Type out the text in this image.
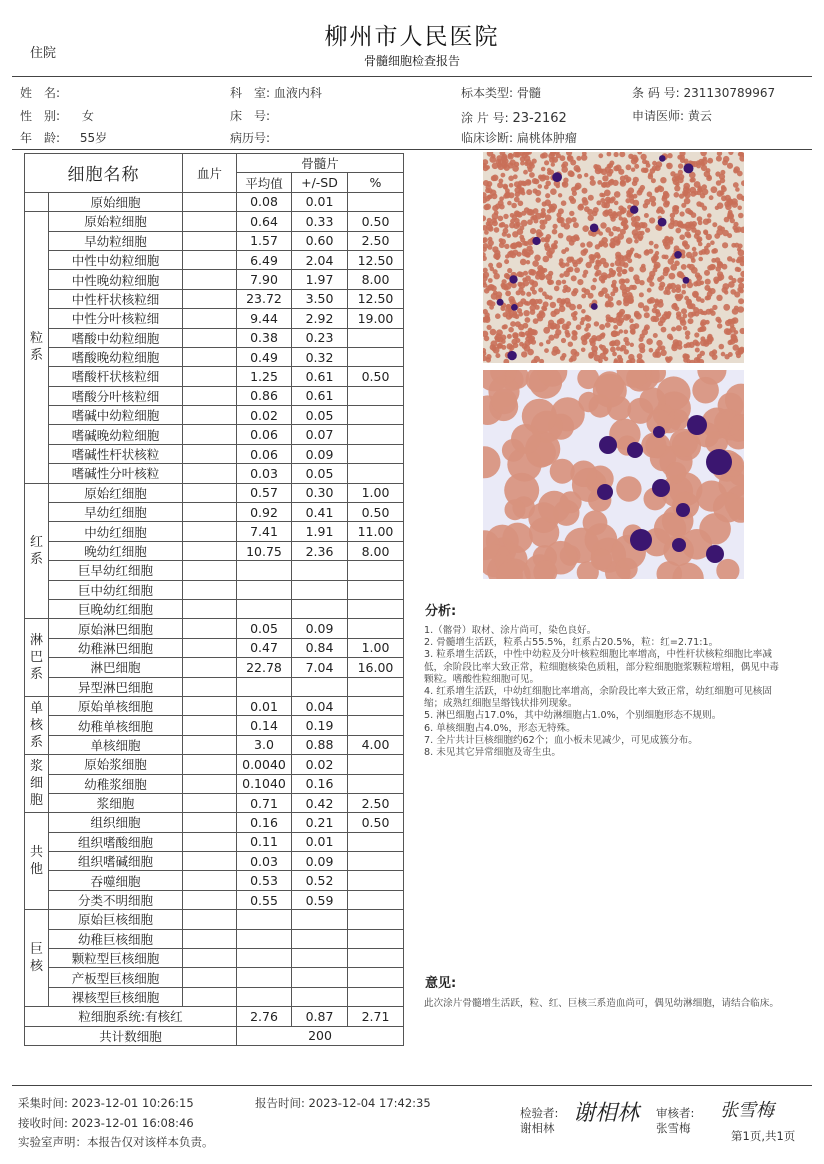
柳州市人民医院
骨髓细胞检查报告
住院
姓　名:
性　别: 女
年　龄: 55岁
科　室: 血液内科
床　号:
病历号:
标本类型: 骨髓
涂 片 号: 23-2162
临床诊断: 扁桃体肿瘤
条 码 号: 231130789967
申请医师: 黄云
细胞名称		血片	骨髓片		
			平均值	+/-SD	%
	原始细胞		0.08	0.01	
粒系	原始粒细胞		0.64	0.33	0.50
	早幼粒细胞		1.57	0.60	2.50
	中性中幼粒细胞		6.49	2.04	12.50
	中性晚幼粒细胞		7.90	1.97	8.00
	中性杆状核粒细		23.72	3.50	12.50
	中性分叶核粒细		9.44	2.92	19.00
	嗜酸中幼粒细胞		0.38	0.23	
	嗜酸晚幼粒细胞		0.49	0.32	
	嗜酸杆状核粒细		1.25	0.61	0.50
	嗜酸分叶核粒细		0.86	0.61	
	嗜碱中幼粒细胞		0.02	0.05	
	嗜碱晚幼粒细胞		0.06	0.07	
	嗜碱性杆状核粒		0.06	0.09	
	嗜碱性分叶核粒		0.03	0.05	
红系	原始红细胞		0.57	0.30	1.00
	早幼红细胞		0.92	0.41	0.50
	中幼红细胞		7.41	1.91	11.00
	晚幼红细胞		10.75	2.36	8.00
	巨早幼红细胞				
	巨中幼红细胞				
	巨晚幼红细胞				
淋巴系	原始淋巴细胞		0.05	0.09	
	幼稚淋巴细胞		0.47	0.84	1.00
	淋巴细胞		22.78	7.04	16.00
	异型淋巴细胞				
单核系	原始单核细胞		0.01	0.04	
	幼稚单核细胞		0.14	0.19	
	单核细胞		3.0	0.88	4.00
浆细胞	原始浆细胞		0.0040	0.02	
	幼稚浆细胞		0.1040	0.16	
	浆细胞		0.71	0.42	2.50
共他	组织细胞		0.16	0.21	0.50
	组织嗜酸细胞		0.11	0.01	
	组织嗜碱细胞		0.03	0.09	
	吞噬细胞		0.53	0.52	
	分类不明细胞		0.55	0.59	
巨核	原始巨核细胞				
	幼稚巨核细胞				
	颗粒型巨核细胞				
	产板型巨核细胞				
	裸核型巨核细胞				
粒细胞系统:有核红			2.76	0.87	2.71
共计数细胞			200		
分析:
1.（髂骨）取材、涂片尚可，染色良好。
2. 骨髓增生活跃，粒系占55.5%，红系占20.5%，粒：红=2.71:1。
3. 粒系增生活跃，中性中幼粒及分叶核粒细胞比率增高，中性杆状核粒细胞比率减低，余阶段比率大致正常，粒细胞核染色质粗，部分粒细胞胞浆颗粒增粗，偶见中毒颗粒。嗜酸性粒细胞可见。
4. 红系增生活跃，中幼红细胞比率增高，余阶段比率大致正常，幼红细胞可见核固缩；成熟红细胞呈缗钱状排列现象。
5. 淋巴细胞占17.0%，其中幼淋细胞占1.0%，个别细胞形态不规则。
6. 单核细胞占4.0%，形态无特殊。
7. 全片共计巨核细胞约62个；血小板未见减少，可见成簇分布。
8. 未见其它异常细胞及寄生虫。
意见:
此次涂片骨髓增生活跃，粒、红、巨核三系造血尚可，偶见幼淋细胞，请结合临床。
采集时间: 2023-12-01 10:26:15
接收时间: 2023-12-01 16:08:46
实验室声明：本报告仅对该样本负责。
报告时间: 2023-12-04 17:42:35
检验者:
谢相林
谢相林 审核者:
张雪梅
张雪梅
第1页,共1页
